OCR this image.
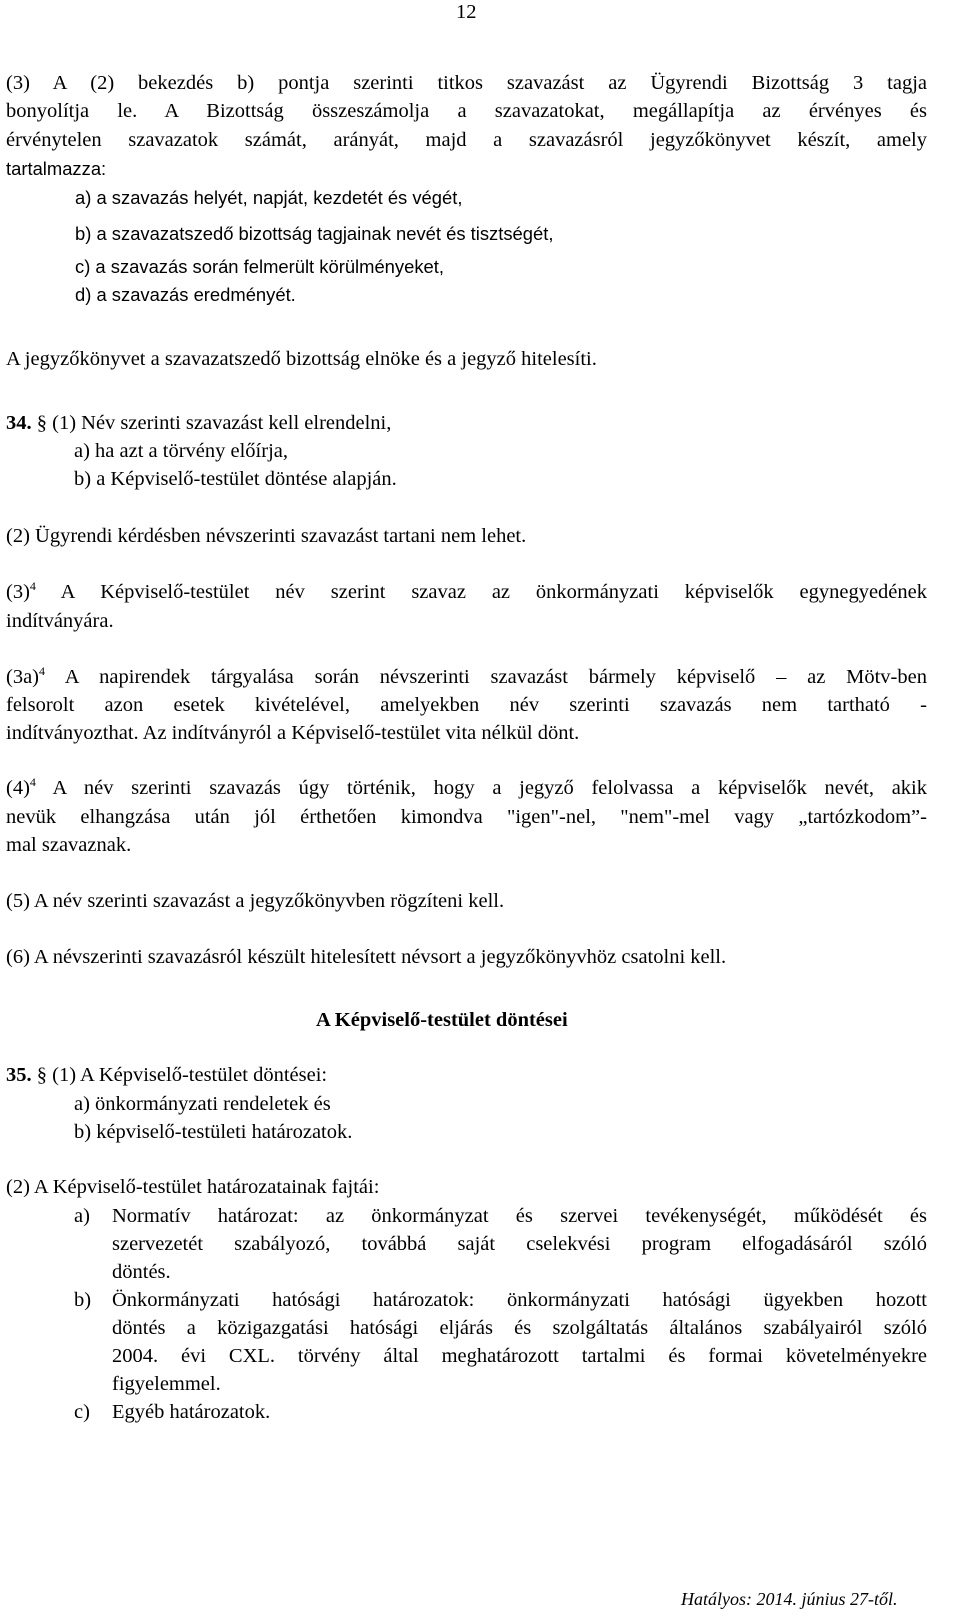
12
(3) A (2) bekezdés b) pontja szerinti titkos szavazást az Ügyrendi Bizottság 3 tagja
bonyolítja le. A Bizottság összeszámolja a szavazatokat, megállapítja az érvényes és
érvénytelen szavazatok számát, arányát, majd a szavazásról jegyzőkönyvet készít, amely
tartalmazza:
a) a szavazás helyét, napját, kezdetét és végét,
b) a szavazatszedő bizottság tagjainak nevét és tisztségét,
c) a szavazás során felmerült körülményeket,
d) a szavazás eredményét.
A jegyzőkönyvet a szavazatszedő bizottság elnöke és a jegyző hitelesíti.
34. § (1) Név szerinti szavazást kell elrendelni,
a) ha azt a törvény előírja,
b) a Képviselő-testület döntése alapján.
(2) Ügyrendi kérdésben névszerinti szavazást tartani nem lehet.
$(3)^4$ A Képviselő-testület név szerint szavaz az önkormányzati képviselők egynegyedének
indítványára.
$(3a)^4$ A napirendek tárgyalása során névszerinti szavazást bármely képviselő – az Mötv-ben
felsorolt azon esetek kivételével, amelyekben név szerinti szavazás nem tartható -
indítványozthat. Az indítványról a Képviselő-testület vita nélkül dönt.
$(4)^4$ A név szerinti szavazás úgy történik, hogy a jegyző felolvassa a képviselők nevét, akik
nevük elhangzása után jól érthetően kimondva "igen"-nel, "nem"-mel vagy „tartózkodom”-
mal szavaznak.
(5) A név szerinti szavazást a jegyzőkönyvben rögzíteni kell.
(6) A névszerinti szavazásról készült hitelesített névsort a jegyzőkönyvhöz csatolni kell.
A Képviselő-testület döntései
35. § (1) A Képviselő-testület döntései:
a) önkormányzati rendeletek és
b) képviselő-testületi határozatok.
(2) A Képviselő-testület határozatainak fajtái:
a) Normatív határozat: az önkormányzat és szervei tevékenységét, működését és
szervezetét szabályozó, továbbá saját cselekvési program elfogadásáról szóló
döntés.
b) Önkormányzati hatósági határozatok: önkormányzati hatósági ügyekben hozott
döntés a közigazgatási hatósági eljárás és szolgáltatás általános szabályairól szóló
2004. évi CXL. törvény által meghatározott tartalmi és formai követelményekre
figyelemmel.
c) Egyéb határozatok.
Hatályos: 2014. június 27-től.
